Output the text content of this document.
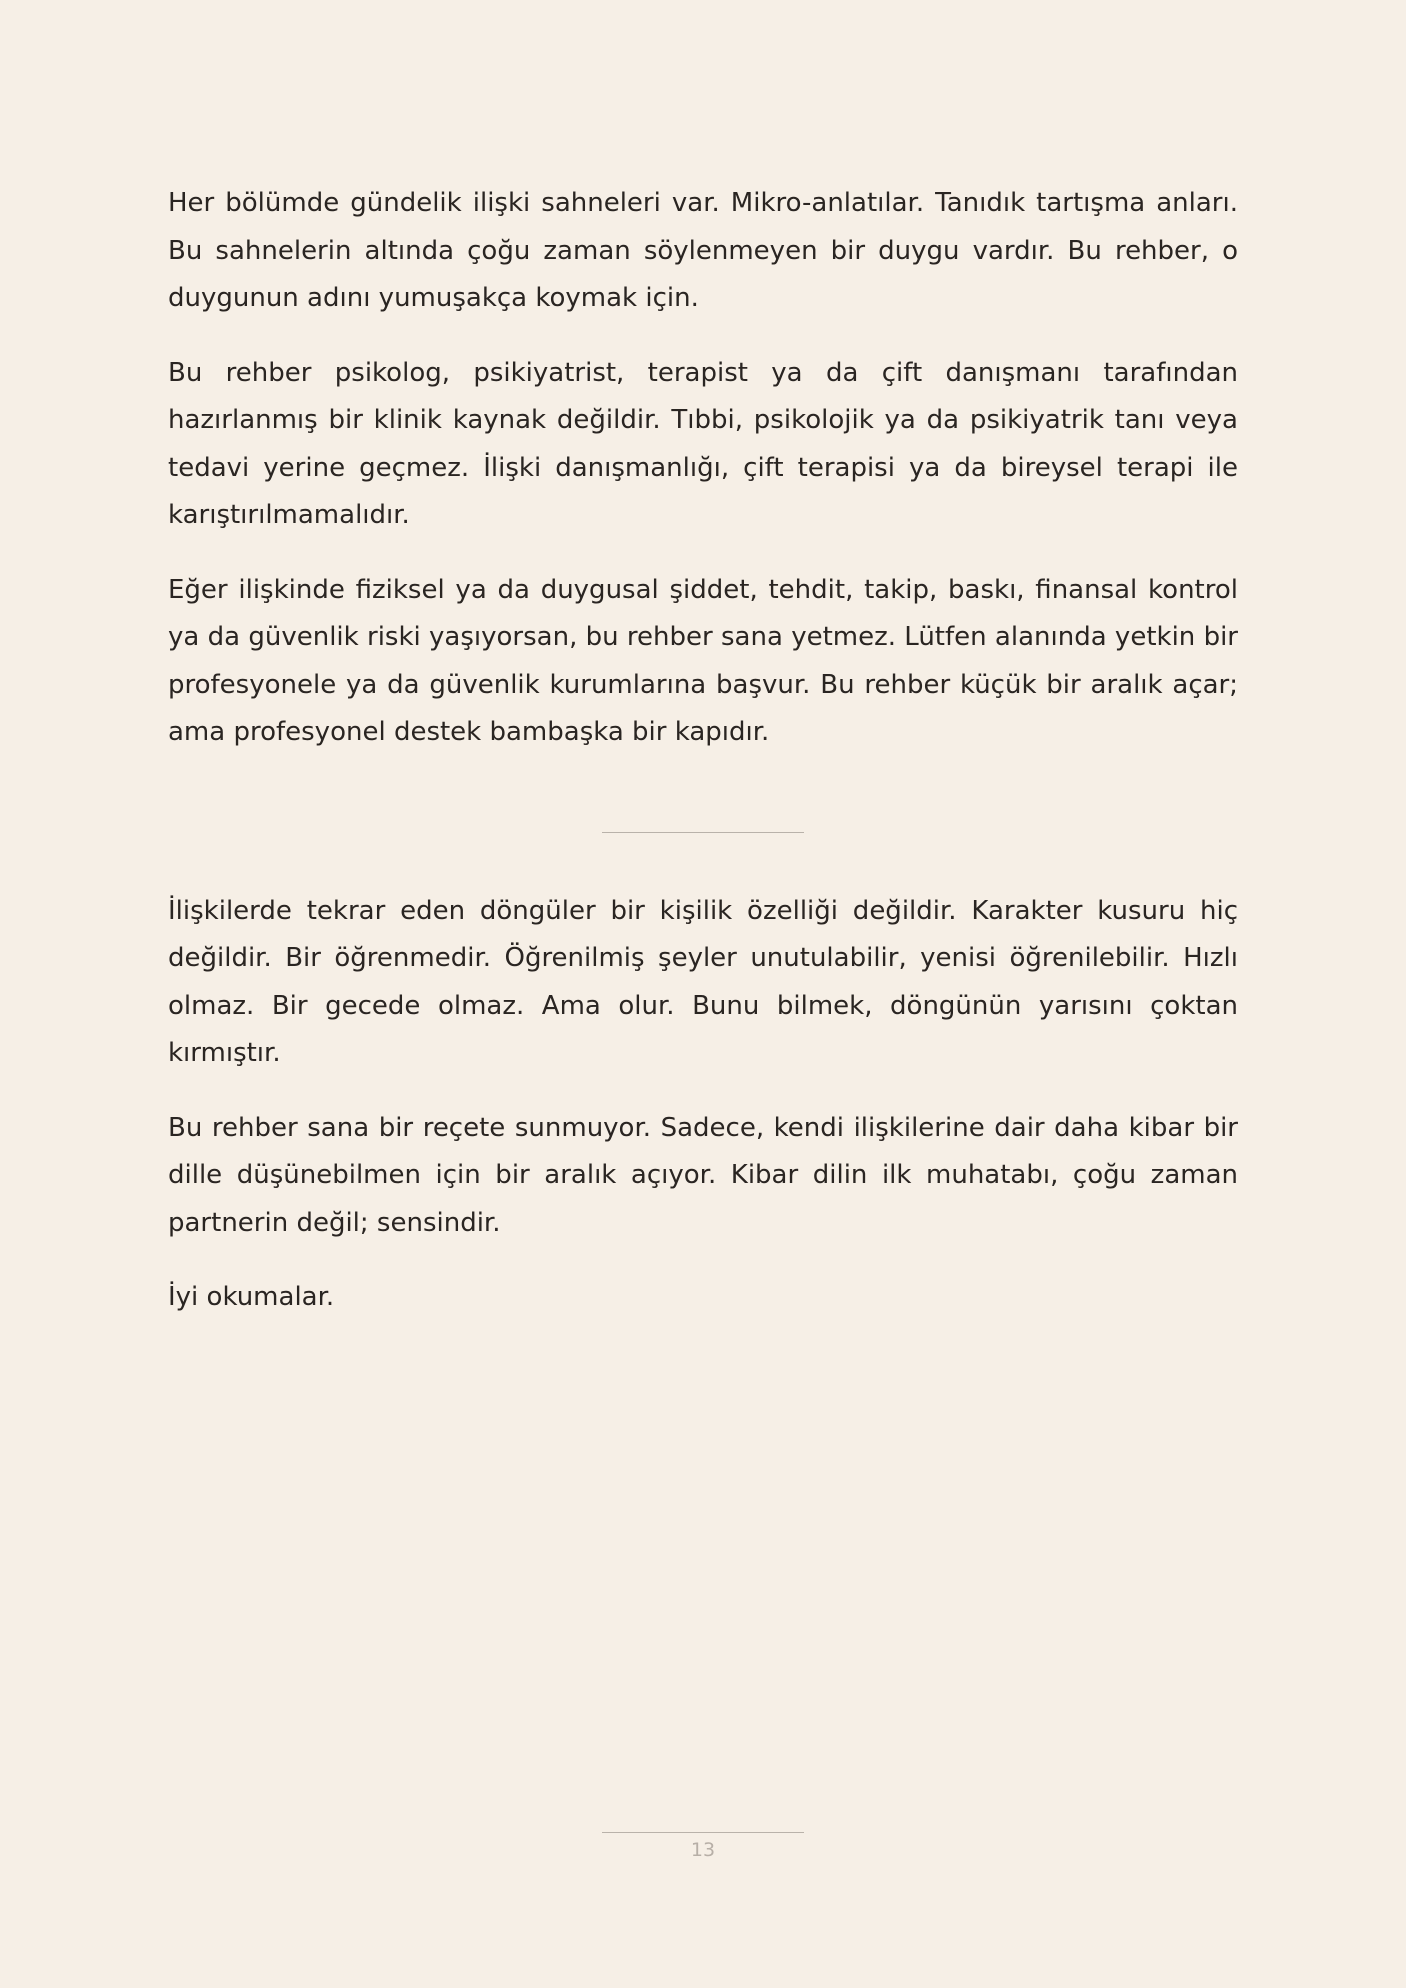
Her bölümde gündelik ilişki sahneleri var. Mikro-anlatılar. Tanıdık tartışma anları. Bu sahnelerin altında çoğu zaman söylenmeyen bir duygu vardır. Bu rehber, o duygunun adını yumuşakça koymak için.

Bu rehber psikolog, psikiyatrist, terapist ya da çift danışmanı tarafından hazırlanmış bir klinik kaynak değildir. Tıbbi, psikolojik ya da psikiyatrik tanı veya tedavi yerine geçmez. İlişki danışmanlığı, çift terapisi ya da bireysel terapi ile karıştırılmamalıdır.

Eğer ilişkinde fiziksel ya da duygusal şiddet, tehdit, takip, baskı, finansal kontrol ya da güvenlik riski yaşıyorsan, bu rehber sana yetmez. Lütfen alanında yetkin bir profesyonele ya da güvenlik kurumlarına başvur. Bu rehber küçük bir aralık açar; ama profesyonel destek bambaşka bir kapıdır.

İlişkilerde tekrar eden döngüler bir kişilik özelliği değildir. Karakter kusuru hiç değildir. Bir öğrenmedir. Öğrenilmiş şeyler unutulabilir, yenisi öğrenilebilir. Hızlı olmaz. Bir gecede olmaz. Ama olur. Bunu bilmek, döngünün yarısını çoktan kırmıştır.

Bu rehber sana bir reçete sunmuyor. Sadece, kendi ilişkilerine dair daha kibar bir dille düşünebilmen için bir aralık açıyor. Kibar dilin ilk muhatabı, çoğu zaman partnerin değil; sensindir.

İyi okumalar.

13
